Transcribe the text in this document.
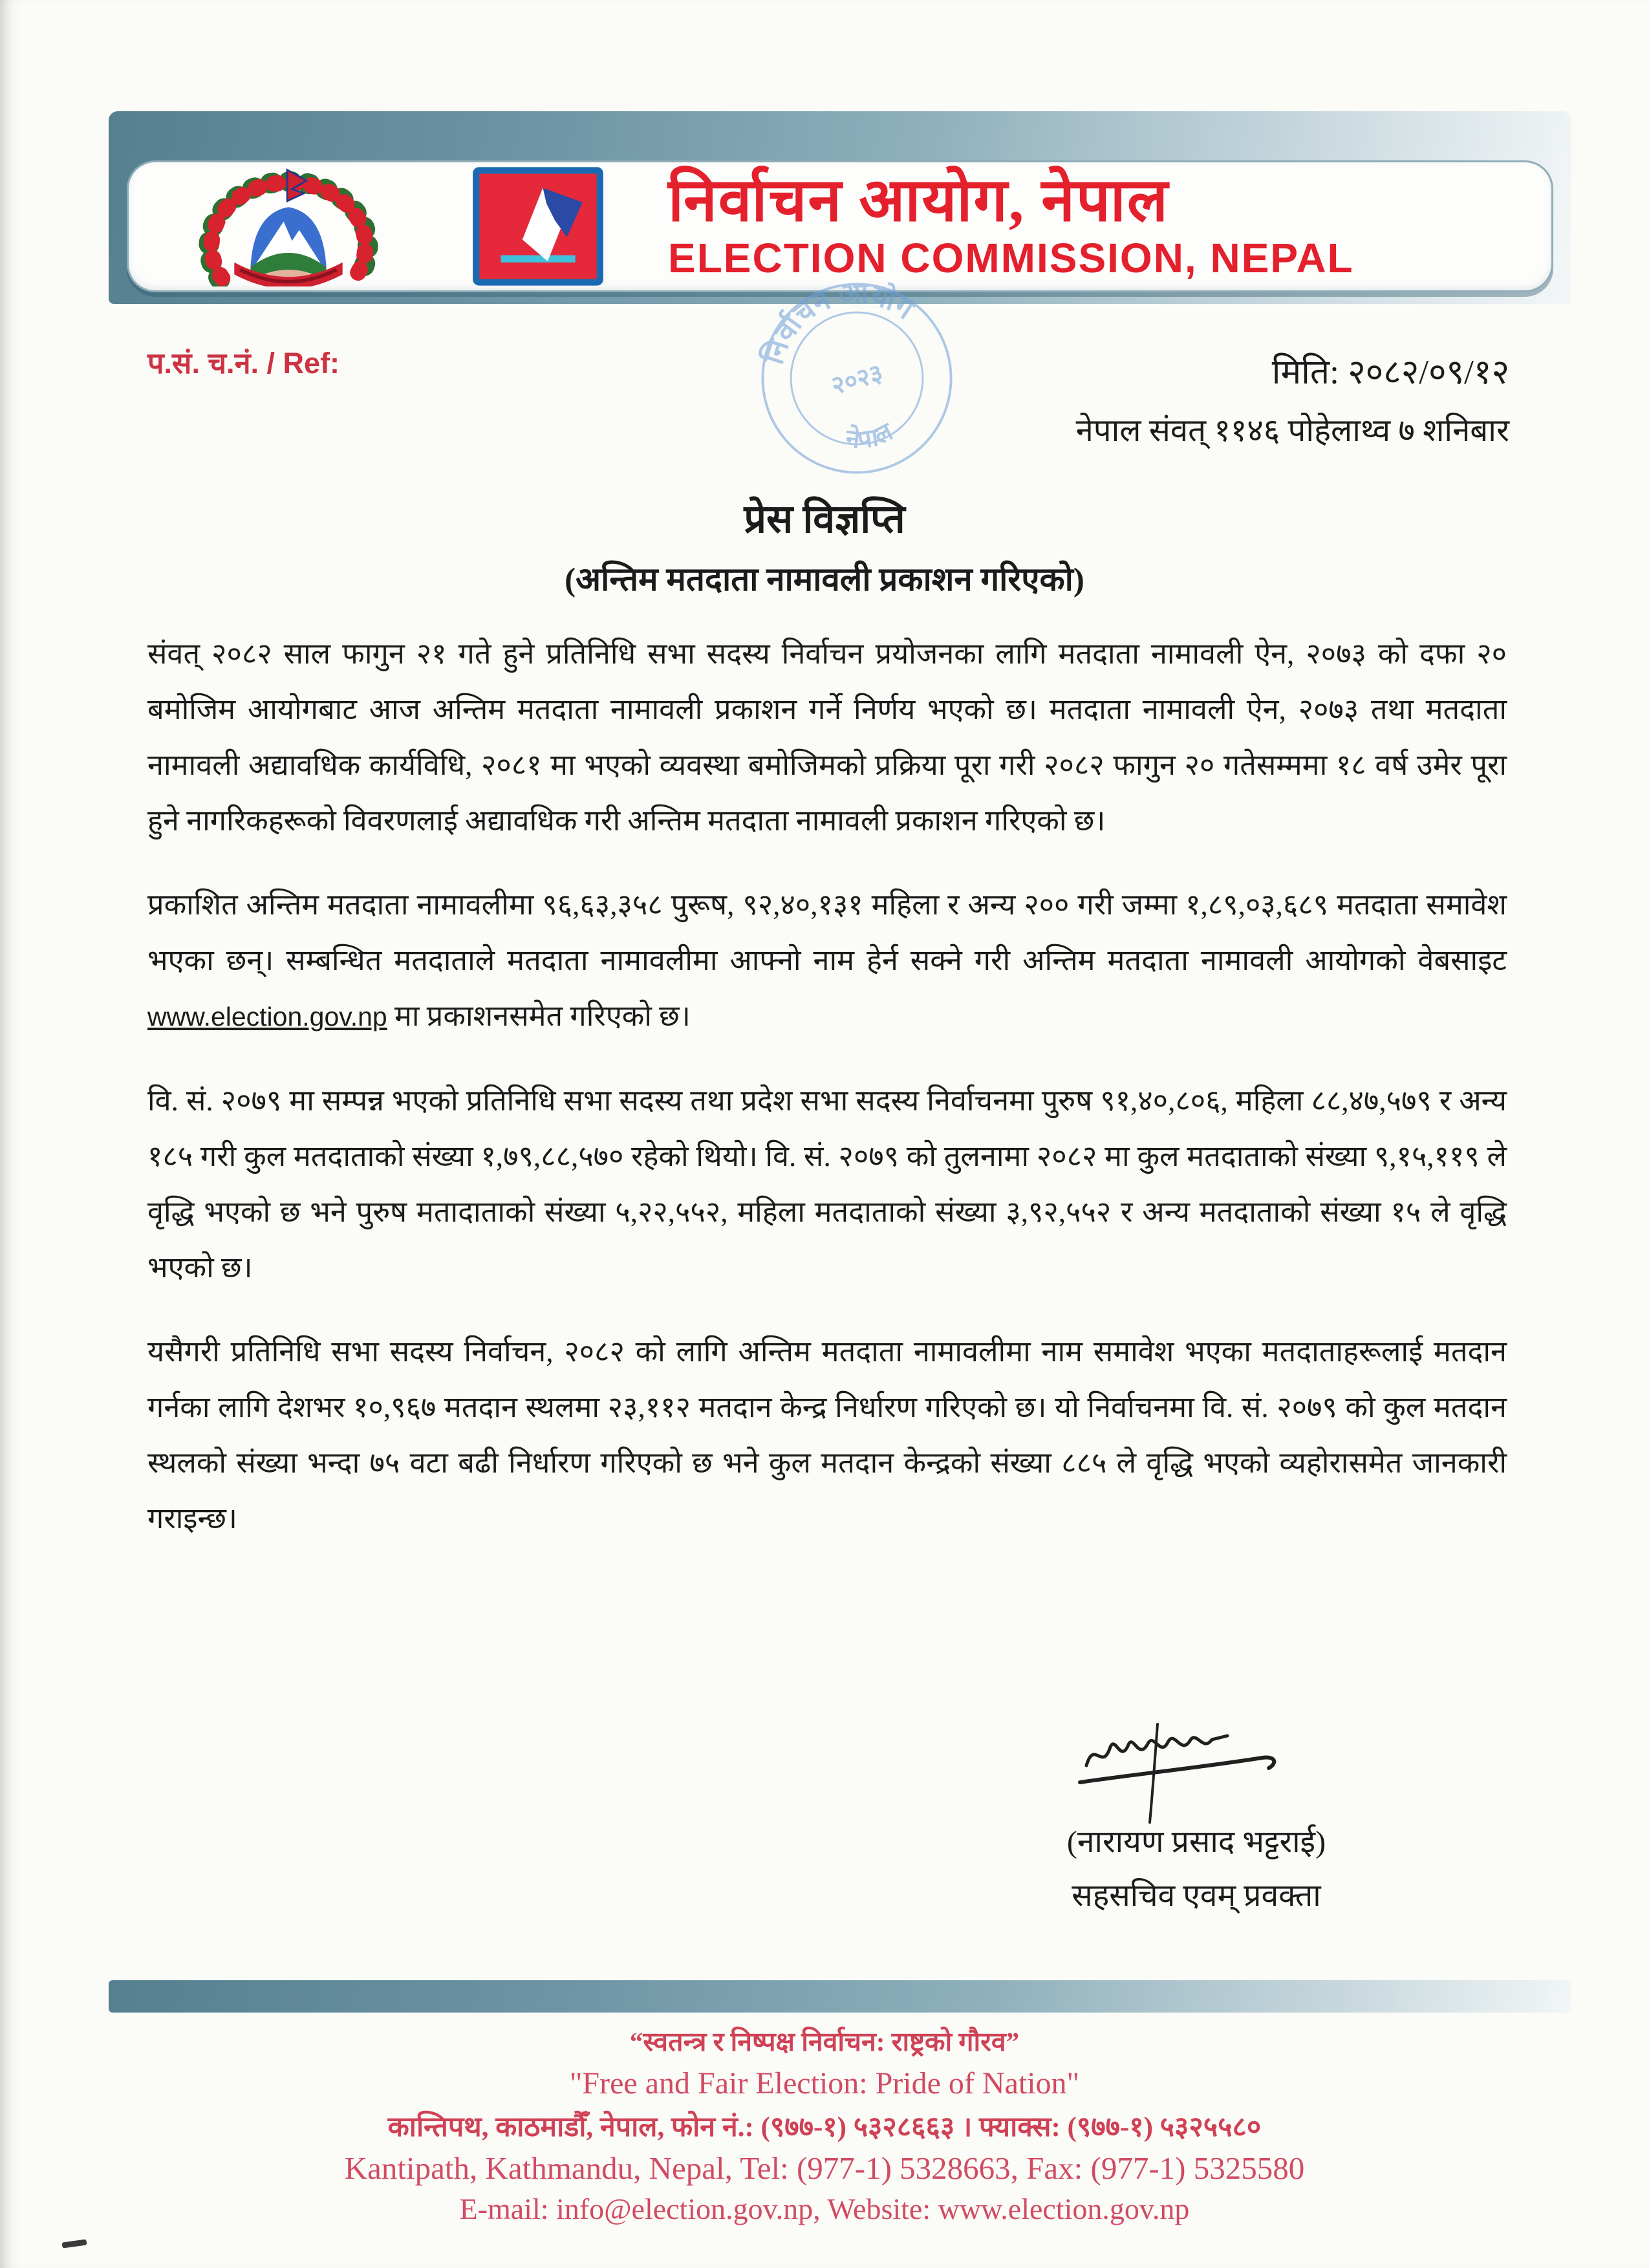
निर्वाचन आयोग, नेपाल
ELECTION COMMISSION, NEPAL
प.सं. च.नं. / Ref:	निर्वाचन आयोग
नेपाल
२०२३	मिति: २०८२/०९/१२
नेपाल संवत् ११४६ पोहेलाथ्व ७ शनिबार
प्रेस विज्ञप्ति
(अन्तिम मतदाता नामावली प्रकाशन गरिएको)

संवत् २०८२ साल फागुन २१ गते हुने प्रतिनिधि सभा सदस्य निर्वाचन प्रयोजनका लागि मतदाता नामावली ऐन, २०७३ को दफा २० बमोजिम आयोगबाट आज अन्तिम मतदाता नामावली प्रकाशन गर्ने निर्णय भएको छ। मतदाता नामावली ऐन, २०७३ तथा मतदाता नामावली अद्यावधिक कार्यविधि, २०८१ मा भएको व्यवस्था बमोजिमको प्रक्रिया पूरा गरी २०८२ फागुन २० गतेसम्ममा १८ वर्ष उमेर पूरा हुने नागरिकहरूको विवरणलाई अद्यावधिक गरी अन्तिम मतदाता नामावली प्रकाशन गरिएको छ।

प्रकाशित अन्तिम मतदाता नामावलीमा ९६,६३,३५८ पुरूष, ९२,४०,१३१ महिला र अन्य २०० गरी जम्मा १,८९,०३,६८९ मतदाता समावेश भएका छन्। सम्बन्धित मतदाताले मतदाता नामावलीमा आफ्नो नाम हेर्न सक्ने गरी अन्तिम मतदाता नामावली आयोगको वेबसाइट www.election.gov.np मा प्रकाशनसमेत गरिएको छ।

वि. सं. २०७९ मा सम्पन्न भएको प्रतिनिधि सभा सदस्य तथा प्रदेश सभा सदस्य निर्वाचनमा पुरुष ९१,४०,८०६, महिला ८८,४७,५७९ र अन्य १८५ गरी कुल मतदाताको संख्या १,७९,८८,५७० रहेको थियो। वि. सं. २०७९ को तुलनामा २०८२ मा कुल मतदाताको संख्या ९,१५,११९ ले वृद्धि भएको छ भने पुरुष मतादाताको संख्या ५,२२,५५२, महिला मतदाताको संख्या ३,९२,५५२ र अन्य मतदाताको संख्या १५ ले वृद्धि भएको छ।

यसैगरी प्रतिनिधि सभा सदस्य निर्वाचन, २०८२ को लागि अन्तिम मतदाता नामावलीमा नाम समावेश भएका मतदाताहरूलाई मतदान गर्नका लागि देशभर १०,९६७ मतदान स्थलमा २३,११२ मतदान केन्द्र निर्धारण गरिएको छ। यो निर्वाचनमा वि. सं. २०७९ को कुल मतदान स्थलको संख्या भन्दा ७५ वटा बढी निर्धारण गरिएको छ भने कुल मतदान केन्द्रको संख्या ८८५ ले वृद्धि भएको व्यहोरासमेत जानकारी गराइन्छ।

(नारायण प्रसाद भट्टराई)
सहसचिव एवम् प्रवक्ता
“स्वतन्त्र र निष्पक्ष निर्वाचन: राष्ट्रको गौरव”
"Free and Fair Election: Pride of Nation"
कान्तिपथ, काठमाडौँ, नेपाल, फोन नं.: (९७७-१) ५३२८६६३ । फ्याक्स: (९७७-१) ५३२५५८०
Kantipath, Kathmandu, Nepal, Tel: (977-1) 5328663, Fax: (977-1) 5325580
E-mail: info@election.gov.np, Website: www.election.gov.np
